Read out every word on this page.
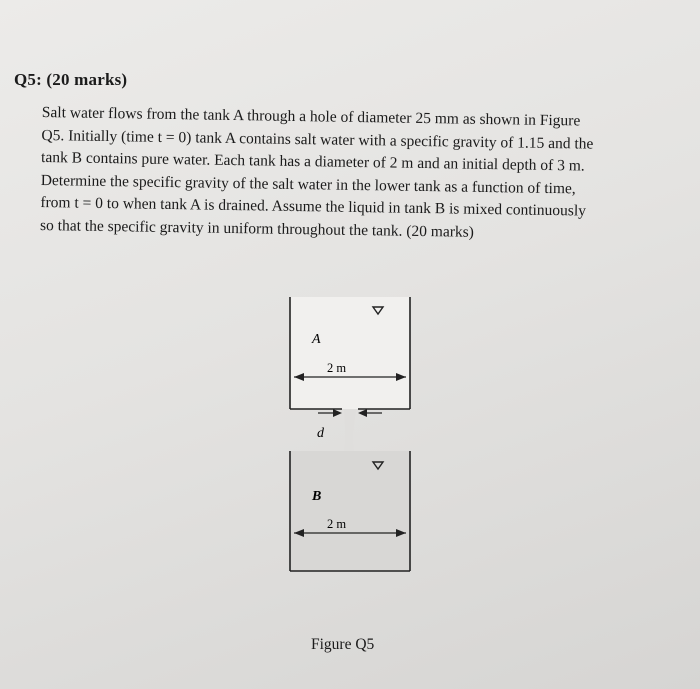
Q5: (20 marks)

Salt water flows from the tank A through a hole of diameter 25 mm as shown in Figure

Q5. Initially (time t = 0) tank A contains salt water with a specific gravity of 1.15 and the

tank B contains pure water. Each tank has a diameter of 2 m and an initial depth of 3 m.

Determine the specific gravity of the salt water in the lower tank as a function of time,

from t = 0 to when tank A is drained. Assume the liquid in tank B is mixed continuously

so that the specific gravity in uniform throughout the tank. (20 marks)

A
2 m
d
B
2 m
Figure Q5
